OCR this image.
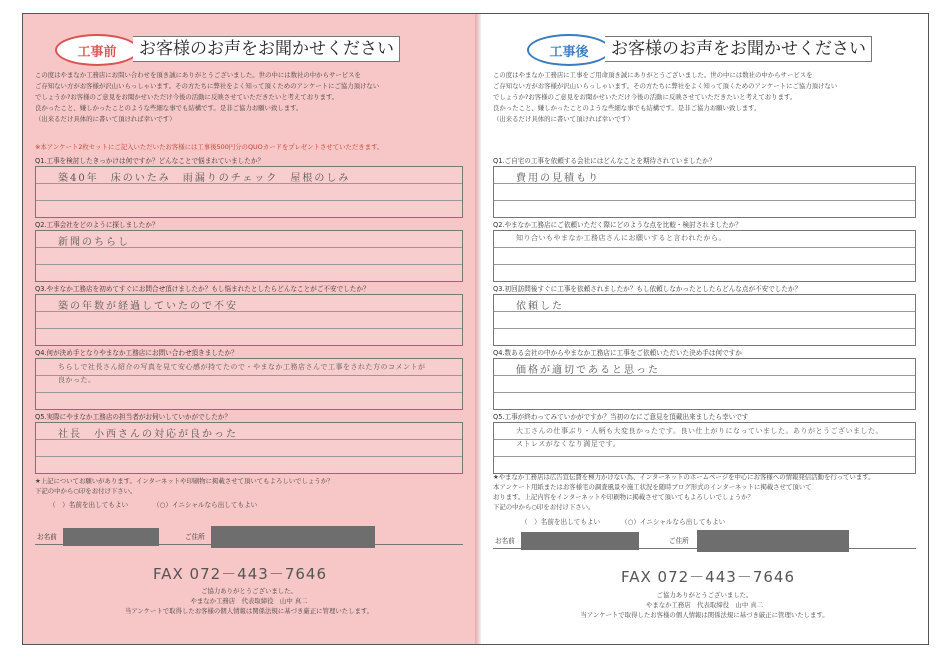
工事前	お客様のお声をお聞かせください

この度はやまなか工務店にお問い合わせを頂き誠にありがとうございました。世の中には数社の中からサービスを

ご存知ない方がお客様が沢山いらっしゃいます。その方たちに弊社をよく知って頂くためのアンケートにご協力頂けない

でしょうか?お客様のご意見をお聞かせいただけ今後の活動に反映させていただきたいと考えております。

良かったこと、嫌しかったことのような些細な事でも結構です。是非ご協力お願い致します。

（出来るだけ具体的に書いて頂ければ幸いです）

※本アンケート2枚セットにご記入いただいたお客様には工事後500円分のQUOカードをプレゼントさせていただきます。
Q1.工事を検討したきっかけは何ですか？どんなことで悩まれていましたか？
築40年　床のいたみ　雨漏りのチェック　屋根のしみ
Q2.工事会社をどのように探しましたか？
新聞のちらし
Q3.やまなか工務店を初めてすぐにお問合せ頂けましたか？もし悩まれたとしたらどんなことがご不安でしたか？
築の年数が経過していたので不安
Q4.何が決め手となりやまなか工務店にお問い合わせ頂きましたか？
ちらしで社長さん紹介の写真を見て安心感が持てたので・やまなか工務店さんで工事をされた方のコメントが良かった。
Q5.実際にやまなか工務店の担当者がお伺いしていかがでしたか？
社長　小西さんの対応が良かった

★上記についてお願いがあります。インターネットや印刷物に掲載させて頂いてもよろしいでしょうか？

下記の中から○印をお付け下さい。

（　）名前を出してもよい	（○）イニシャルなら出してもよい
お名前	ご住所
FAX 072－443－7646

ご協力ありがとうございました。

やまなか工務店　代表取締役　山中 真二

当アンケートで取得したお客様の個人情報は関係法規に基づき厳正に管理いたします。

工事後	お客様のお声をお聞かせください

この度はやまなか工務店に工事をご用命頂き誠にありがとうございました。世の中には数社の中からサービスを

ご存知ない方がお客様が沢山いらっしゃいます。その方たちに弊社をよく知って頂くためのアンケートにご協力頂けない

でしょうか?お客様のご意見をお聞かせいただけ今後の活動に反映させていただきたいと考えております。

良かったこと、嫌しかったことのような些細な事でも結構です。是非ご協力お願い致します。

（出来るだけ具体的に書いて頂ければ幸いです）

Q1.ご自宅の工事を依頼する会社にはどんなことを期待されていましたか？
費用の見積もり
Q2.やまなか工務店にご依頼いただく際にどのような点を比較・検討されましたか？
知り合いもやまなか工務店さんにお願いすると言われたから。
Q3.初回訪問後すぐに工事を依頼されましたか？もし依頼しなかったとしたらどんな点が不安でしたか？
依頼した
Q4.数ある会社の中からやまなか工務店に工事をご依頼いただいた決め手は何ですか
価格が適切であると思った
Q5.工事が終わってみていかがですか？当初のなにご意見を頂戴出来ましたら幸いです
大工さんの仕事ぶり・人柄も大変良かったです。良い仕上がりになっていました。ありがとうございました。ストレスがなくなり満足です。

★やまなか工務店は広告宣伝費を極力かけない為、インターネットのホームページを中心にお客様への情報発信活動を行っています。

本アンケート用紙またはお客様宅の調査風景や施工状況を随時ブログ形式のインターネットに掲載させて頂いて

おります。上記内容をインターネットや印刷物に掲載させて頂いてもよろしいでしょうか？

下記の中から○印をお付け下さい。

（　）名前を出してもよい	（○）イニシャルなら出してもよい
お名前	ご住所
FAX 072－443－7646

ご協力ありがとうございました。

やまなか工務店　代表取締役　山中 真二

当アンケートで取得したお客様の個人情報は関係法規に基づき厳正に管理いたします。
